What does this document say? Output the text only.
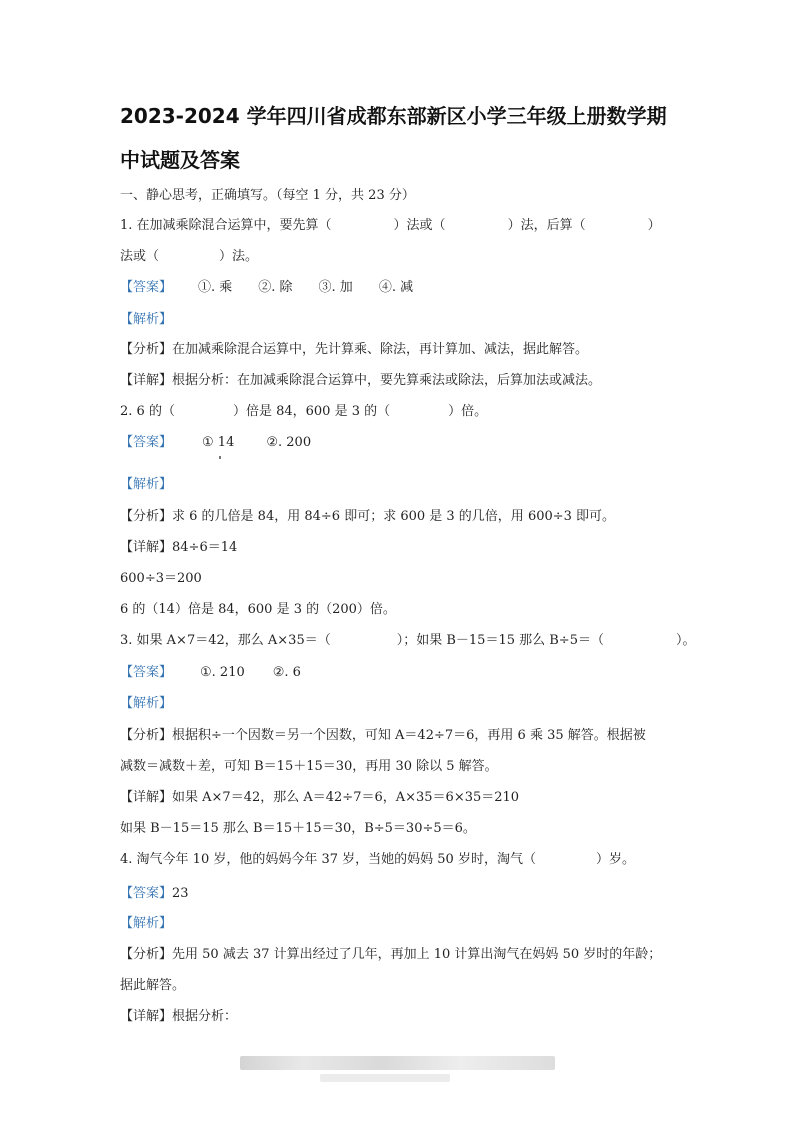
2023-2024 学年四川省成都东部新区小学三年级上册数学期
中试题及答案
一、静心思考，正确填写。（每空 1 分，共 23 分）
1. 在加减乘除混合运算中，要先算（	）法或（	）法，后算（	）
法或（	）法。
【答案】 ①. 乘 ②. 除 ③. 加 ④. 减
【解析】
【分析】在加减乘除混合运算中，先计算乘、除法，再计算加、减法，据此解答。
【详解】根据分析：在加减乘除混合运算中，要先算乘法或除法，后算加法或减法。
2. 6 的（	）倍是 84，600 是 3 的（	）倍。
【答案】 ① 14 ②. 200
【解析】
【分析】求 6 的几倍是 84，用 84÷6 即可；求 600 是 3 的几倍，用 600÷3 即可。
【详解】84÷6＝14
600÷3＝200
6 的（14）倍是 84，600 是 3 的（200）倍。
3. 如果 A×7＝42，那么 A×35＝（	）；如果 B－15＝15 那么 B÷5＝（	）。
【答案】 ①. 210 ②. 6
【解析】
【分析】根据积÷一个因数＝另一个因数，可知 A＝42÷7＝6，再用 6 乘 35 解答。根据被
减数＝减数＋差，可知 B＝15＋15＝30，再用 30 除以 5 解答。
【详解】如果 A×7＝42，那么 A＝42÷7＝6，A×35＝6×35＝210
如果 B－15＝15 那么 B＝15＋15＝30，B÷5＝30÷5＝6。
4. 淘气今年 10 岁，他的妈妈今年 37 岁，当她的妈妈 50 岁时，淘气（	）岁。
【答案】23
【解析】
【分析】先用 50 减去 37 计算出经过了几年，再加上 10 计算出淘气在妈妈 50 岁时的年龄；
据此解答。
【详解】根据分析：
